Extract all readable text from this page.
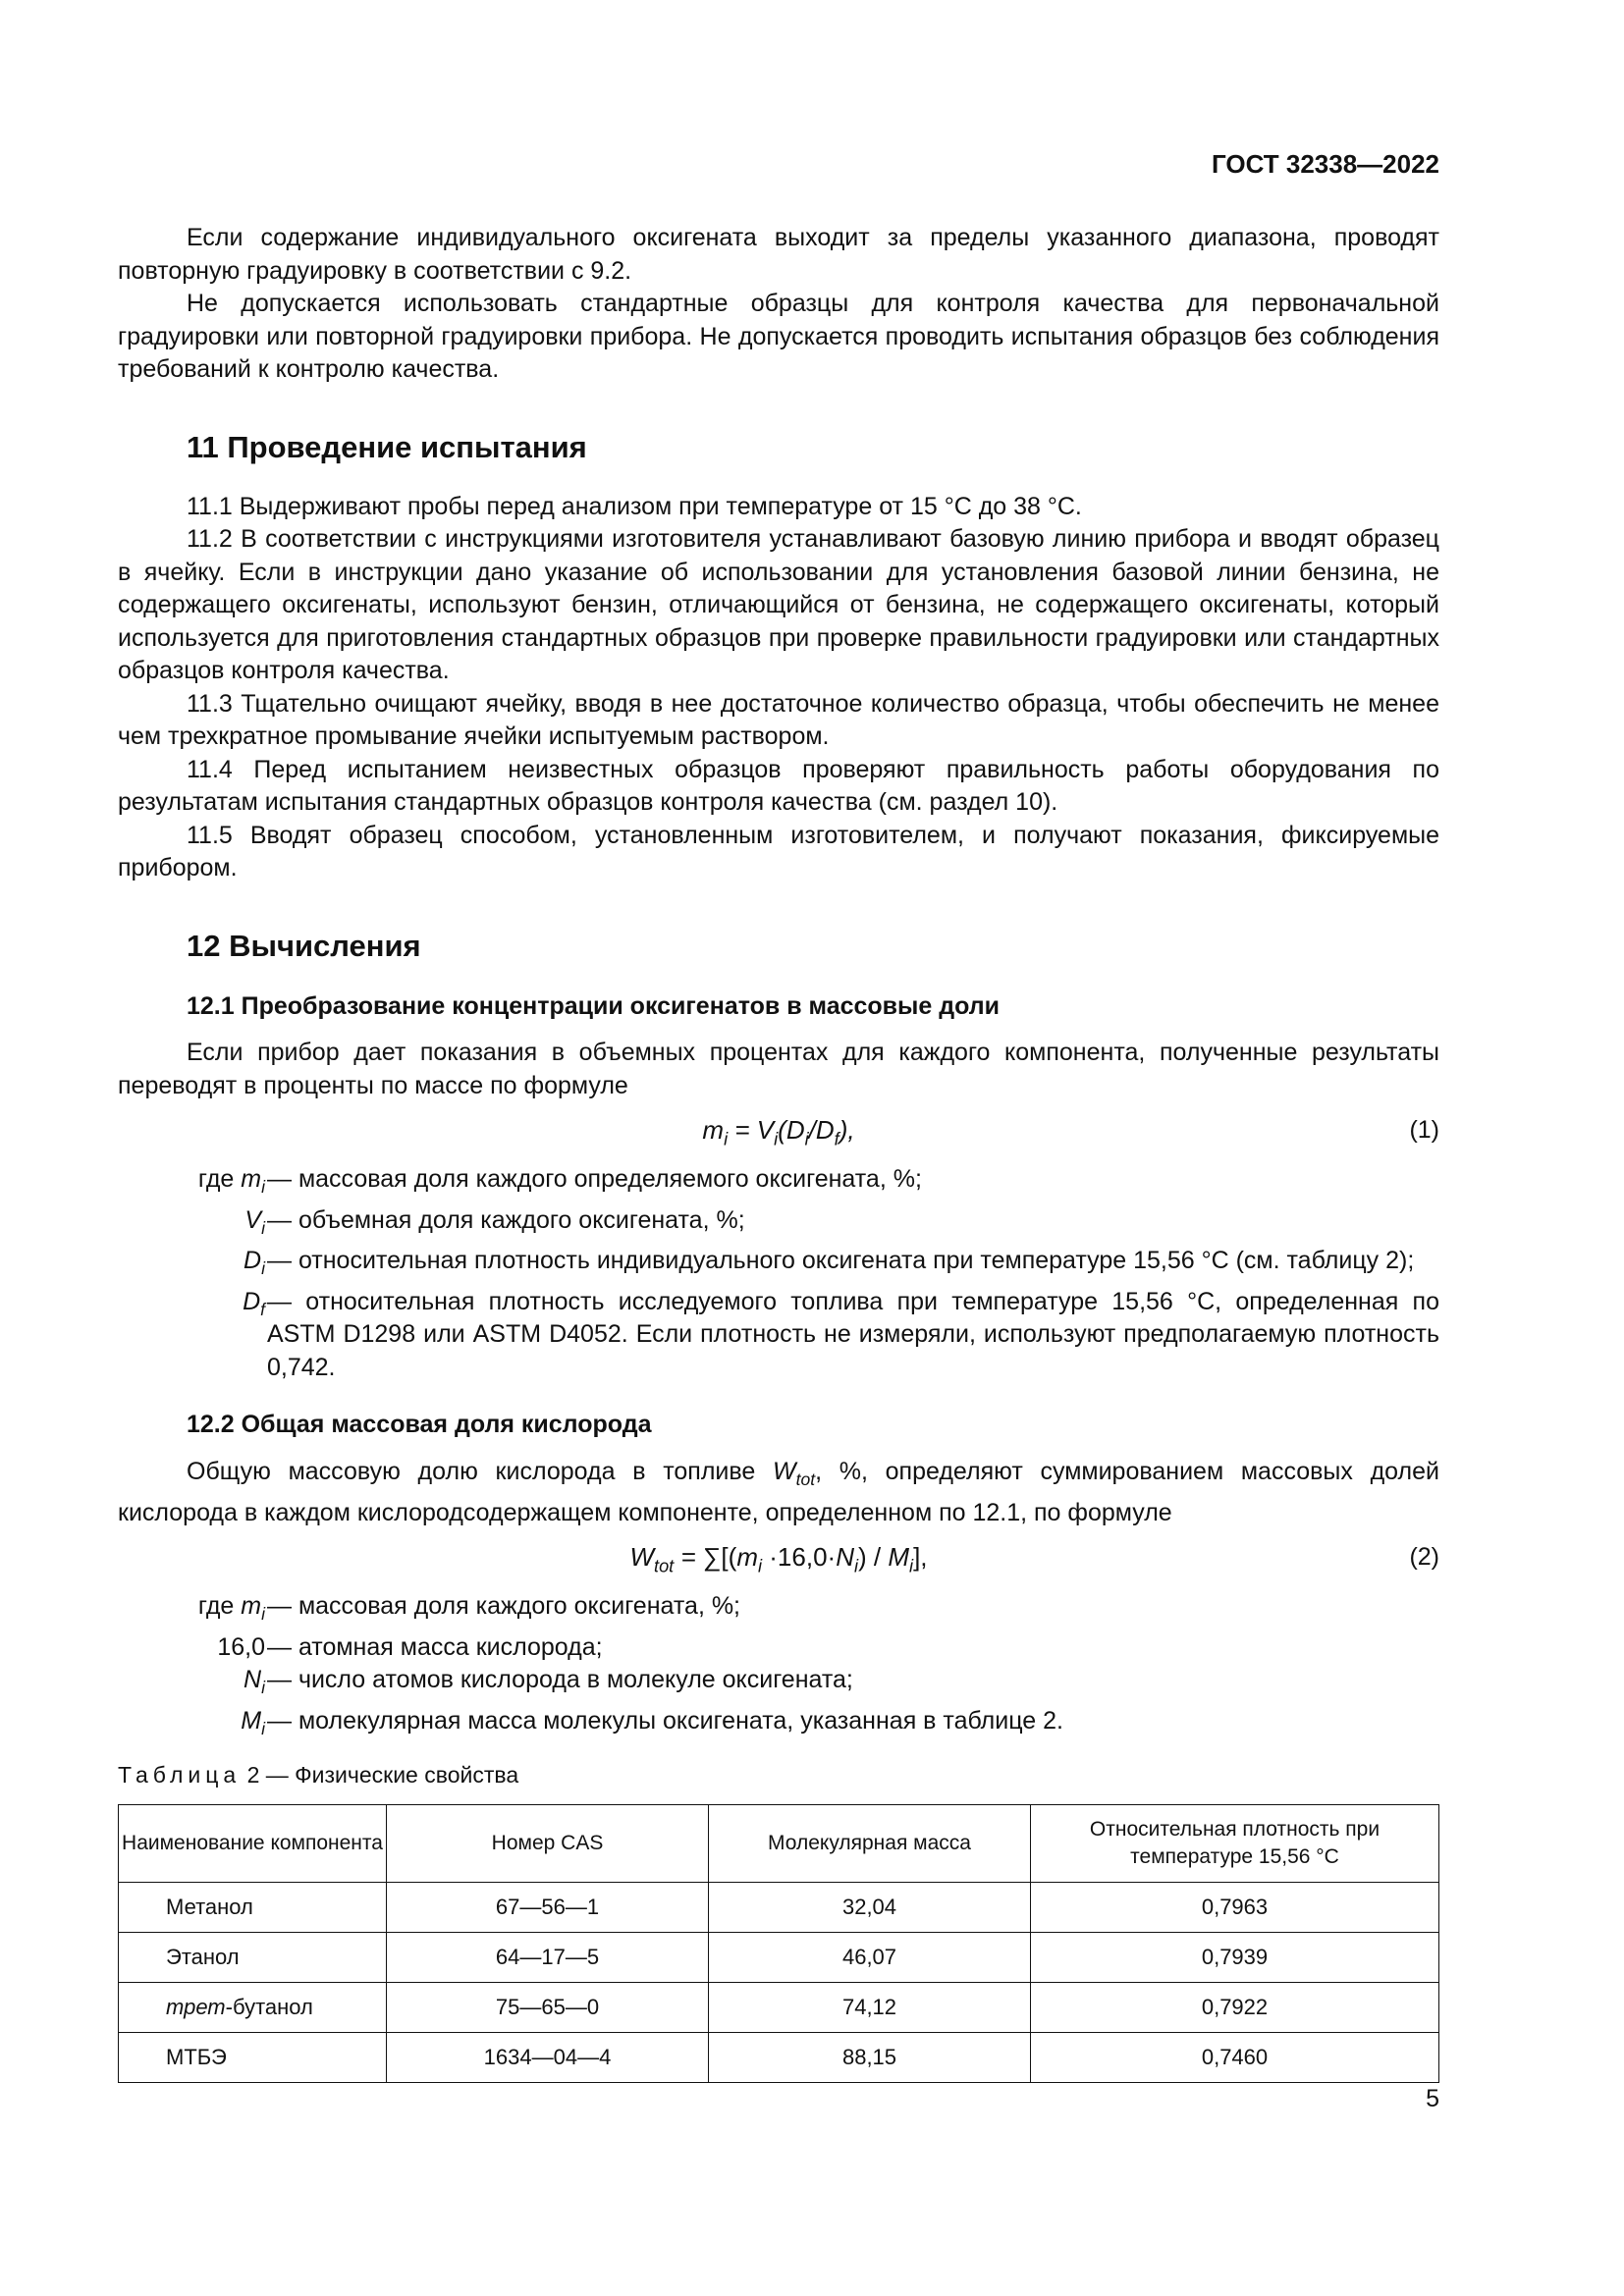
ГОСТ 32338—2022

Если содержание индивидуального оксигената выходит за пределы указанного диапазона, проводят повторную градуировку в соответствии с 9.2.

Не допускается использовать стандартные образцы для контроля качества для первоначальной градуировки или повторной градуировки прибора. Не допускается проводить испытания образцов без соблюдения требований к контролю качества.

11 Проведение испытания

11.1 Выдерживают пробы перед анализом при температуре от 15 °C до 38 °C.

11.2 В соответствии с инструкциями изготовителя устанавливают базовую линию прибора и вводят образец в ячейку. Если в инструкции дано указание об использовании для установления базовой линии бензина, не содержащего оксигенаты, используют бензин, отличающийся от бензина, не содержащего оксигенаты, который используется для приготовления стандартных образцов при проверке правильности градуировки или стандартных образцов контроля качества.

11.3 Тщательно очищают ячейку, вводя в нее достаточное количество образца, чтобы обеспечить не менее чем трехкратное промывание ячейки испытуемым раствором.

11.4 Перед испытанием неизвестных образцов проверяют правильность работы оборудования по результатам испытания стандартных образцов контроля качества (см. раздел 10).

11.5 Вводят образец способом, установленным изготовителем, и получают показания, фиксируемые прибором.

12 Вычисления
12.1 Преобразование концентрации оксигенатов в массовые доли

Если прибор дает показания в объемных процентах для каждого компонента, полученные результаты переводят в проценты по массе по формуле

$m_i = V_i(D_i/D_f)$,	(1)
где $m_i$ — массовая доля каждого определяемого оксигената, %;
$V_i$ — объемная доля каждого оксигената, %;
$D_i$ — относительная плотность индивидуального оксигената при температуре 15,56 °C (см. таблицу 2);
$D_f$ — относительная плотность исследуемого топлива при температуре 15,56 °C, определенная по ASTM D1298 или ASTM D4052. Если плотность не измеряли, используют предполагаемую плотность 0,742.
12.2 Общая массовая доля кислорода

Общую массовую долю кислорода в топливе $W_{tot}$, %, определяют суммированием массовых долей кислорода в каждом кислородсодержащем компоненте, определенном по 12.1, по формуле

$W_{tot} = \sum[(m_i \cdot 16,0\cdot N_i) / M_i]$,	(2)
где $m_i$ — массовая доля каждого оксигената, %;
16,0 — атомная масса кислорода;
$N_i$ — число атомов кислорода в молекуле оксигената;
$M_i$ — молекулярная масса молекулы оксигената, указанная в таблице 2.
Таблица 2 — Физические свойства
Наименование компонента	Номер CAS	Молекулярная масса	Относительная плотность при температуре 15,56 °C
Метанол	67—56—1	32,04	0,7963
Этанол	64—17—5	46,07	0,7939
трет-бутанол	75—65—0	74,12	0,7922
МТБЭ	1634—04—4	88,15	0,7460
5
